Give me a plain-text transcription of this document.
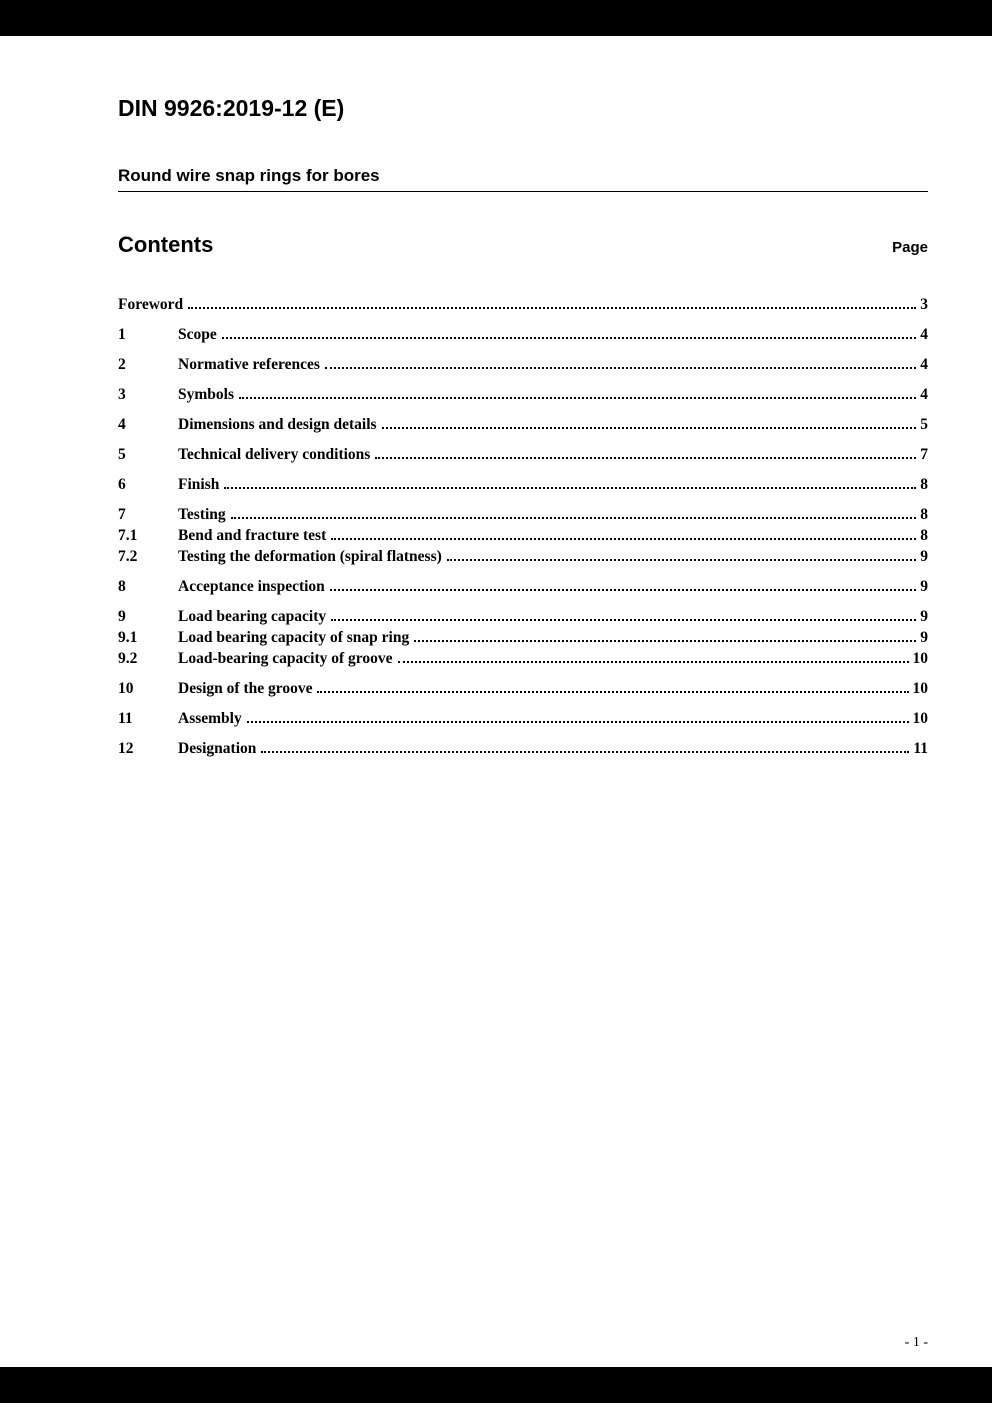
DIN 9926:2019-12 (E)
Round wire snap rings for bores
Contents	Page
Foreword	3
1	Scope	4
2	Normative references	4
3	Symbols	4
4	Dimensions and design details	5
5	Technical delivery conditions	7
6	Finish	8
7	Testing	8
7.1	Bend and fracture test	8
7.2	Testing the deformation (spiral flatness)	9
8	Acceptance inspection	9
9	Load bearing capacity	9
9.1	Load bearing capacity of snap ring	9
9.2	Load-bearing capacity of groove	10
10	Design of the groove	10
11	Assembly	10
12	Designation	11
- 1 -
